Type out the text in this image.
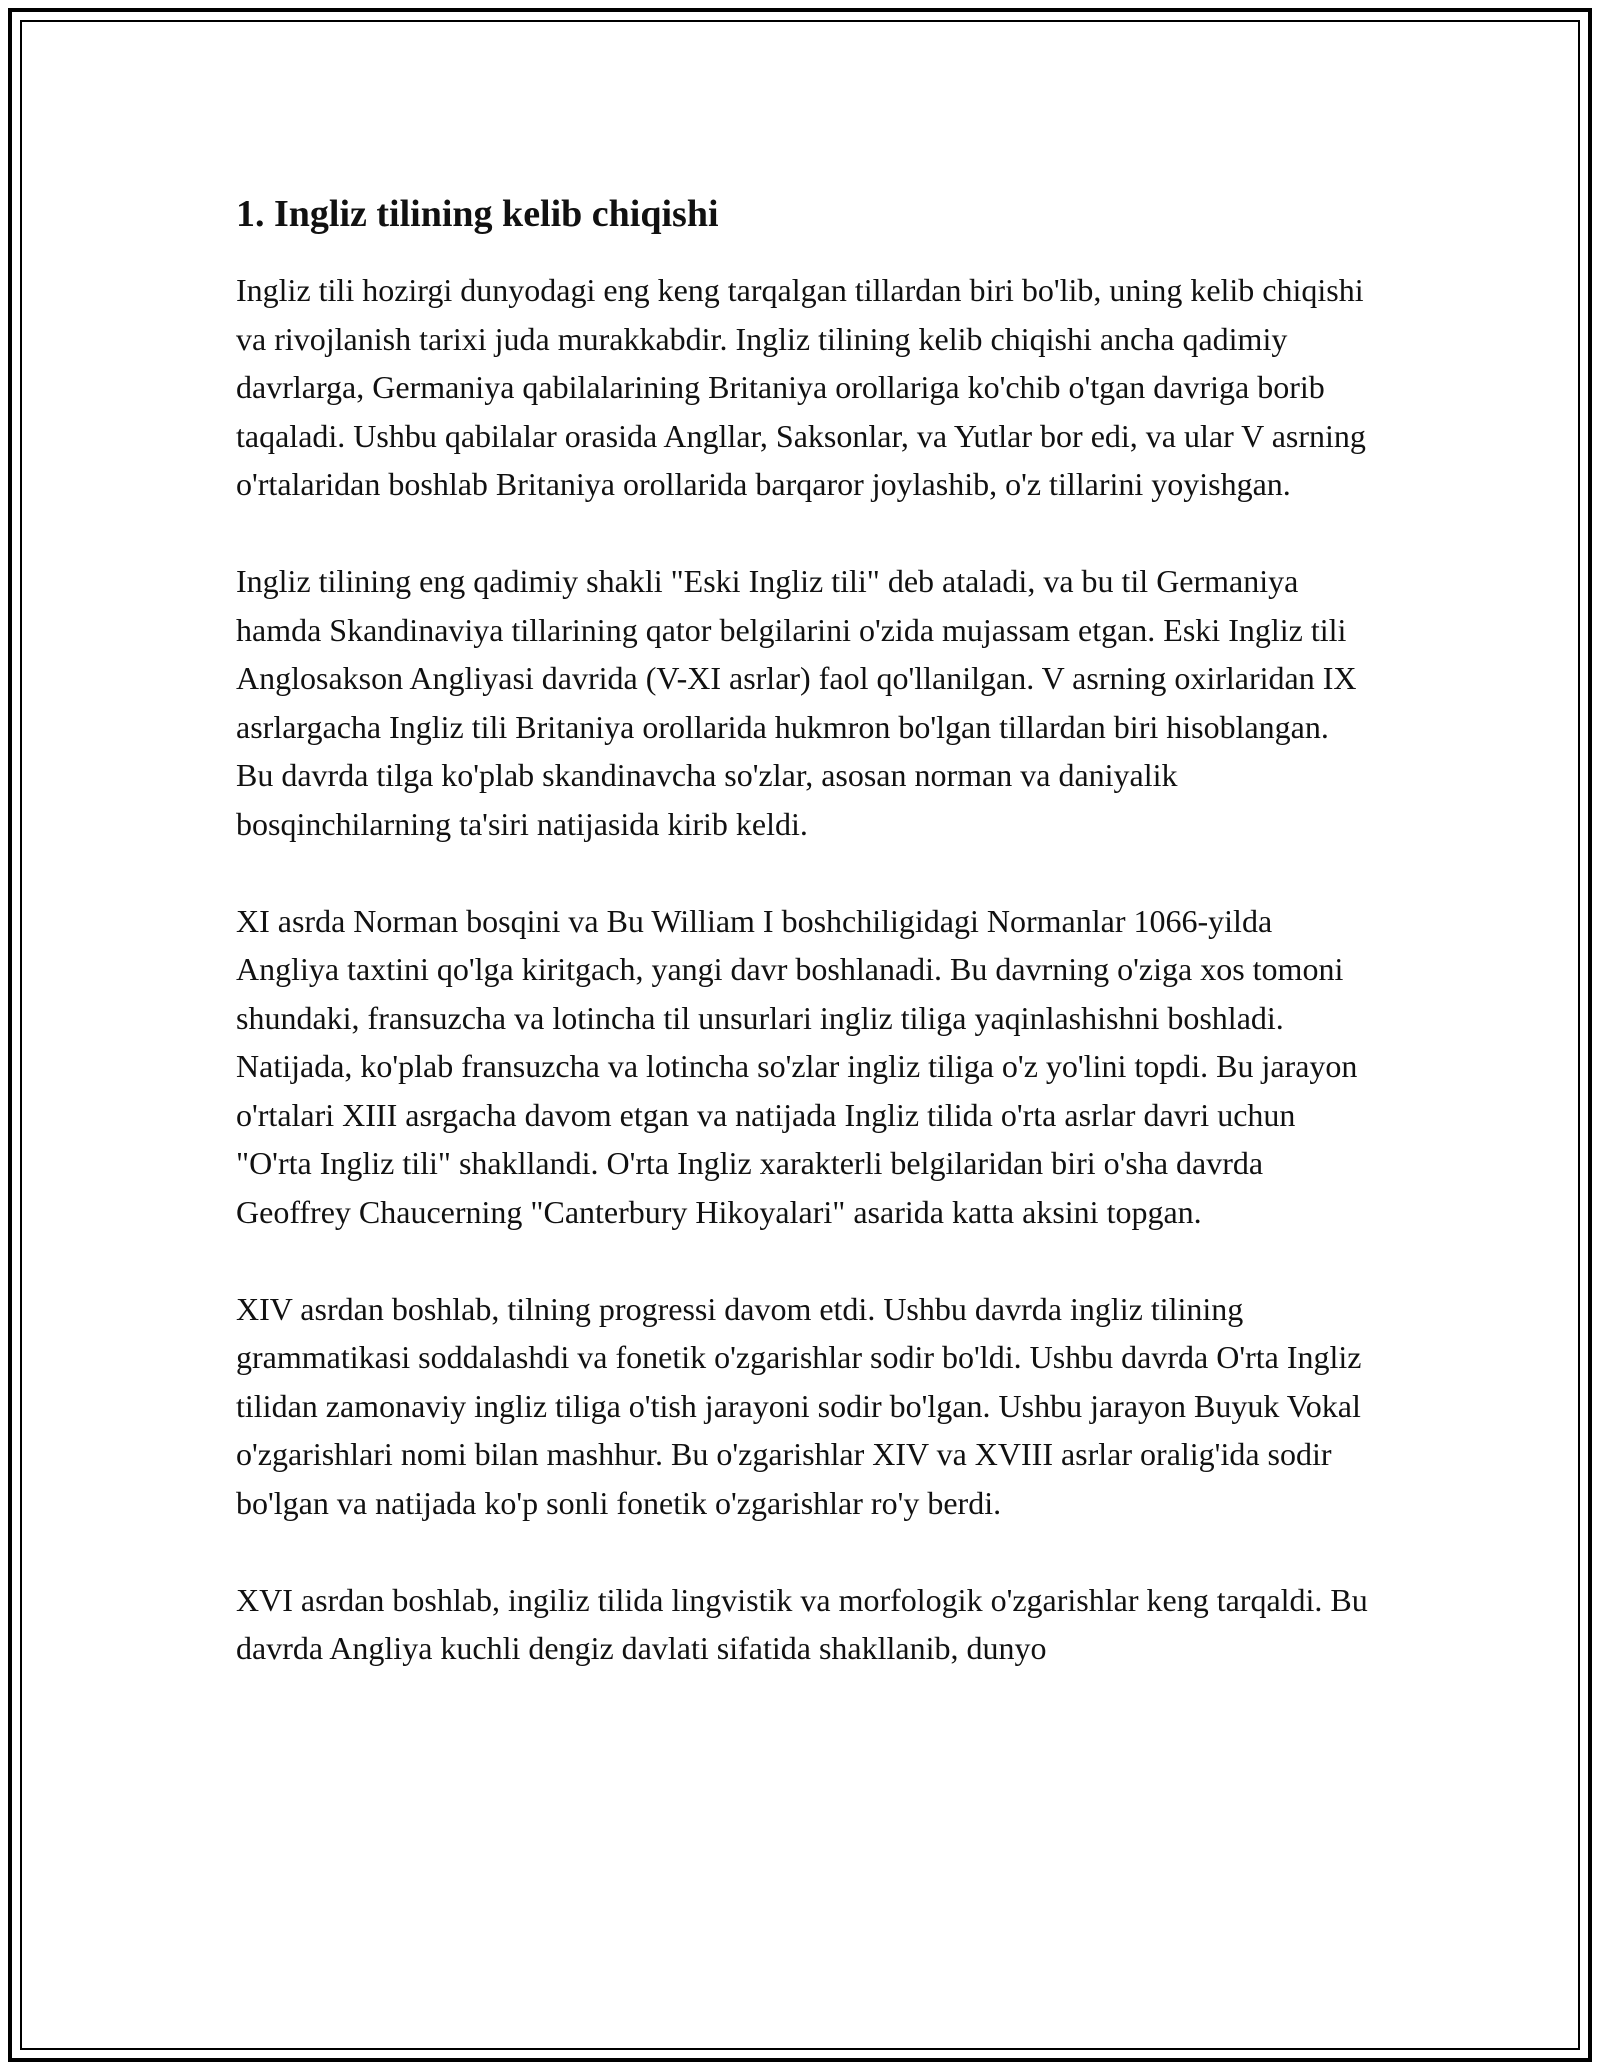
1. Ingliz tilining kelib chiqishi

Ingliz tili hozirgi dunyodagi eng keng tarqalgan tillardan biri bo'lib, uning kelib chiqishi va rivojlanish tarixi juda murakkabdir. Ingliz tilining kelib chiqishi ancha qadimiy davrlarga, Germaniya qabilalarining Britaniya orollariga ko'chib o'tgan davriga borib taqaladi. Ushbu qabilalar orasida Angllar, Saksonlar, va Yutlar bor edi, va ular V asrning o'rtalaridan boshlab Britaniya orollarida barqaror joylashib, o'z tillarini yoyishgan.

Ingliz tilining eng qadimiy shakli "Eski Ingliz tili" deb ataladi, va bu til Germaniya hamda Skandinaviya tillarining qator belgilarini o'zida mujassam etgan. Eski Ingliz tili Anglosakson Angliyasi davrida (V-XI asrlar) faol qo'llanilgan. V asrning oxirlaridan IX asrlargacha Ingliz tili Britaniya orollarida hukmron bo'lgan tillardan biri hisoblangan. Bu davrda tilga ko'plab skandinavcha so'zlar, asosan norman va daniyalik bosqinchilarning ta'siri natijasida kirib keldi.

XI asrda Norman bosqini va Bu William I boshchiligidagi Normanlar 1066-yilda Angliya taxtini qo'lga kiritgach, yangi davr boshlanadi. Bu davrning o'ziga xos tomoni shundaki, fransuzcha va lotincha til unsurlari ingliz tiliga yaqinlashishni boshladi. Natijada, ko'plab fransuzcha va lotincha so'zlar ingliz tiliga o'z yo'lini topdi. Bu jarayon o'rtalari XIII asrgacha davom etgan va natijada Ingliz tilida o'rta asrlar davri uchun "O'rta Ingliz tili" shakllandi. O'rta Ingliz xarakterli belgilaridan biri o'sha davrda Geoffrey Chaucerning "Canterbury Hikoyalari" asarida katta aksini topgan.

XIV asrdan boshlab, tilning progressi davom etdi. Ushbu davrda ingliz tilining grammatikasi soddalashdi va fonetik o'zgarishlar sodir bo'ldi. Ushbu davrda O'rta Ingliz tilidan zamonaviy ingliz tiliga o'tish jarayoni sodir bo'lgan. Ushbu jarayon Buyuk Vokal o'zgarishlari nomi bilan mashhur. Bu o'zgarishlar XIV va XVIII asrlar oralig'ida sodir bo'lgan va natijada ko'p sonli fonetik o'zgarishlar ro'y berdi.

XVI asrdan boshlab, ingiliz tilida lingvistik va morfologik o'zgarishlar keng tarqaldi. Bu davrda Angliya kuchli dengiz davlati sifatida shakllanib, dunyo
